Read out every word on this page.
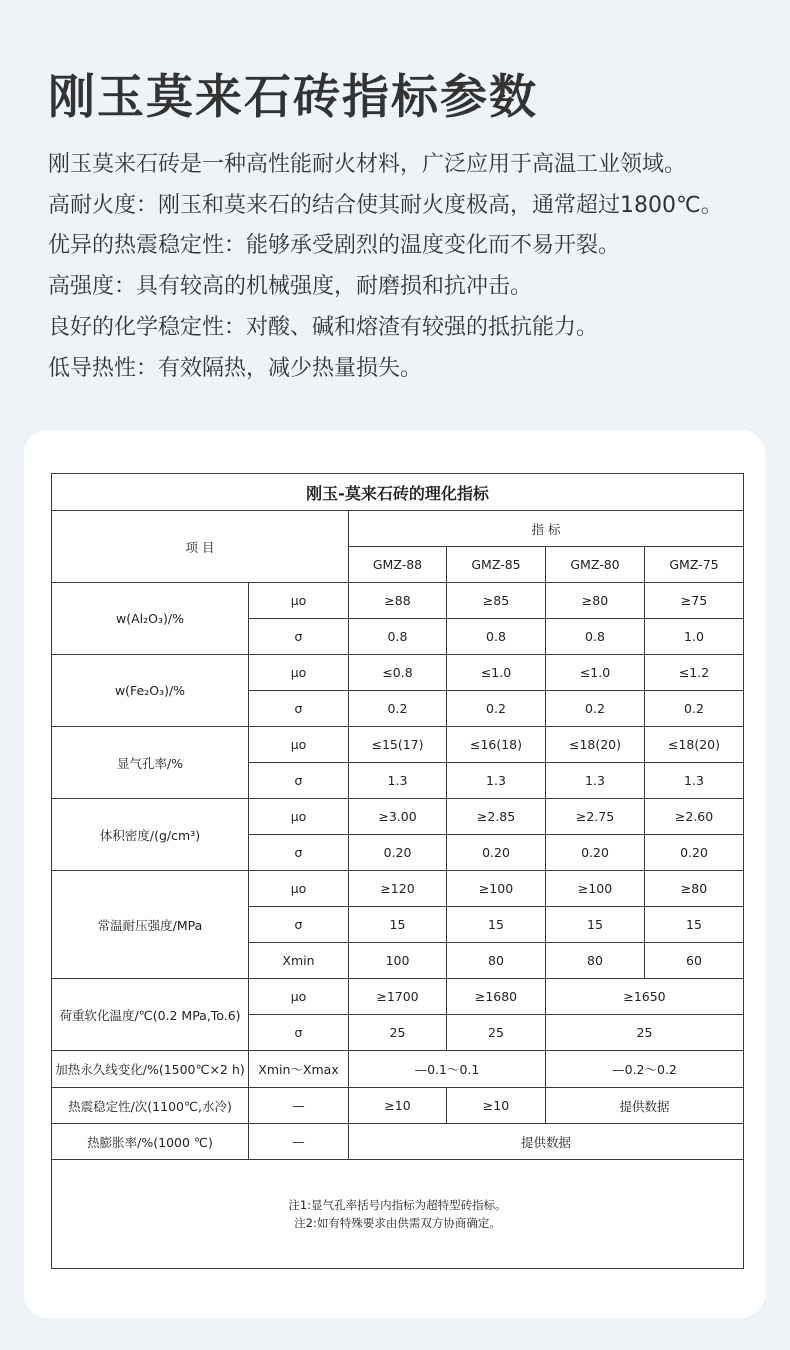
刚玉莫来石砖指标参数

刚玉莫来石砖是一种高性能耐火材料，广泛应用于高温工业领域。

高耐火度：刚玉和莫来石的结合使其耐火度极高，通常超过1800℃。

优异的热震稳定性：能够承受剧烈的温度变化而不易开裂。

高强度：具有较高的机械强度，耐磨损和抗冲击。

良好的化学稳定性：对酸、碱和熔渣有较强的抵抗能力。

低导热性：有效隔热，减少热量损失。

刚玉-莫来石砖的理化指标					
项 目		指 标			
		GMZ-88	GMZ-85	GMZ-80	GMZ-75
w(Al₂O₃)/%	μo	≥88	≥85	≥80	≥75
	σ	0.8	0.8	0.8	1.0
w(Fe₂O₃)/%	μo	≤0.8	≤1.0	≤1.0	≤1.2
	σ	0.2	0.2	0.2	0.2
显气孔率/%	μo	≤15(17)	≤16(18)	≤18(20)	≤18(20)
	σ	1.3	1.3	1.3	1.3
体积密度/(g/cm³)	μo	≥3.00	≥2.85	≥2.75	≥2.60
	σ	0.20	0.20	0.20	0.20
常温耐压强度/MPa	μo	≥120	≥100	≥100	≥80
	σ	15	15	15	15
	Xmin	100	80	80	60
荷重软化温度/℃(0.2 MPa,To.6)	μo	≥1700	≥1680	≥1650	
	σ	25	25	25	
加热永久线变化/%(1500℃×2 h)	Xmin～Xmax	—0.1～0.1		—0.2～0.2	
热震稳定性/次(1100℃,水冷)	—	≥10	≥10	提供数据	
热膨胀率/%(1000 ℃)	—	提供数据			

注1:显气孔率括号内指标为超特型砖指标。
注2:如有特殊要求由供需双方协商确定。					
